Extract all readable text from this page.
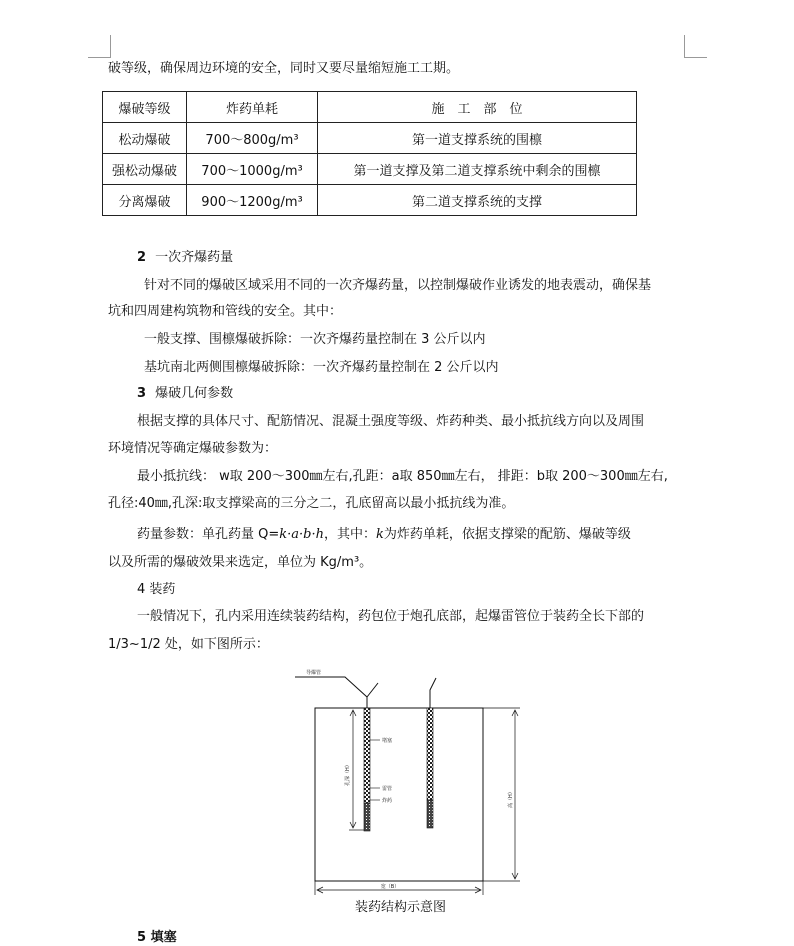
破等级，确保周边环境的安全，同时又要尽量缩短施工工期。
爆破等级	炸药单耗	施　工　部　位
松动爆破	700～800g/m³	第一道支撑系统的围檩
强松动爆破	700～1000g/m³	第一道支撑及第二道支撑系统中剩余的围檩
分离爆破	900～1200g/m³	第二道支撑系统的支撑
2 一次齐爆药量
针对不同的爆破区域采用不同的一次齐爆药量，以控制爆破作业诱发的地表震动，确保基
坑和四周建构筑物和管线的安全。其中：
一般支撑、围檩爆破拆除：一次齐爆药量控制在 3 公斤以内
基坑南北两侧围檩爆破拆除：一次齐爆药量控制在 2 公斤以内
3 爆破几何参数
根据支撑的具体尺寸、配筋情况、混凝土强度等级、炸药种类、最小抵抗线方向以及周围
环境情况等确定爆破参数为：
最小抵抗线： w取 200～300㎜左右,孔距：a取 850㎜左右， 排距：b取 200～300㎜左右,
孔径:40㎜,孔深:取支撑梁高的三分之二，孔底留高以最小抵抗线为准。
药量参数：单孔药量 Q=k·a·b·h，其中：k为炸药单耗，依据支撑梁的配筋、爆破等级
以及所需的爆破效果来选定，单位为 Kg/m³。
4 装药
一般情况下，孔内采用连续装药结构，药包位于炮孔底部，起爆雷管位于装药全长下部的
1/3~1/2 处，如下图所示：
导爆管
堵塞
雷管
炸药
孔深（H）
高（H）
宽（B）
装药结构示意图
5 填塞
